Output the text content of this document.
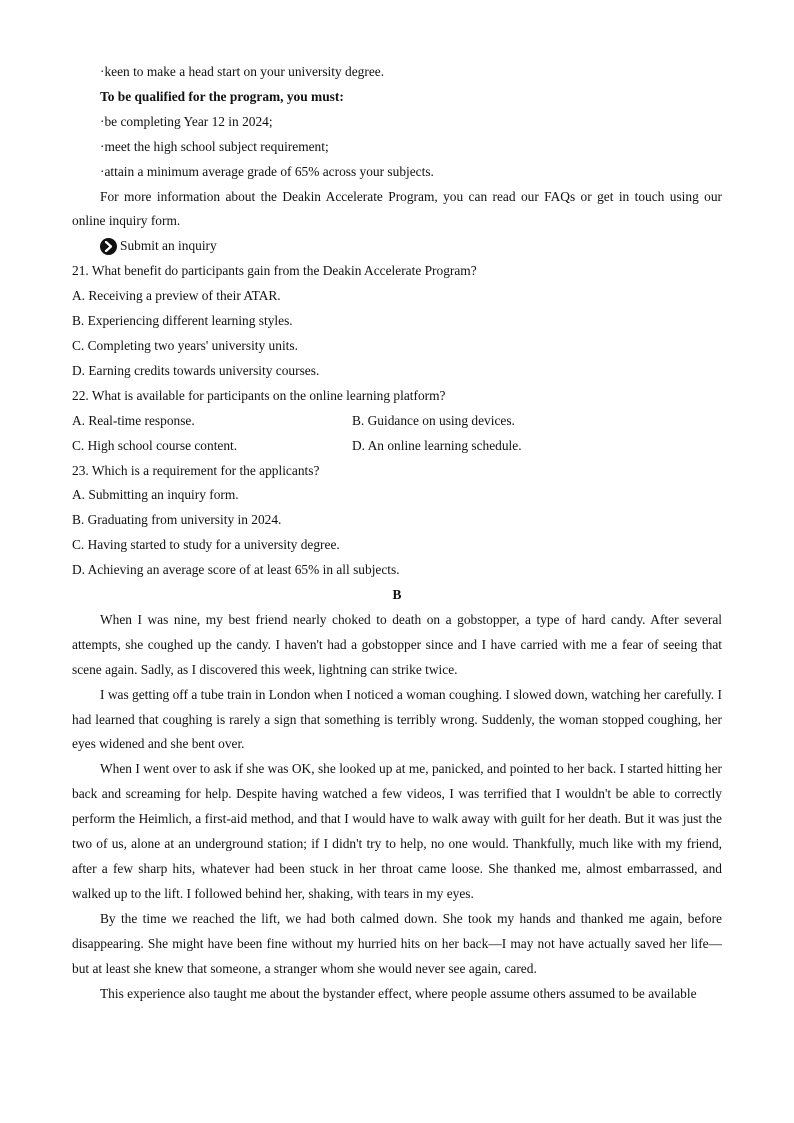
·keen to make a head start on your university degree.
To be qualified for the program, you must:
·be completing Year 12 in 2024;
·meet the high school subject requirement;
·attain a minimum average grade of 65% across your subjects.

For more information about the Deakin Accelerate Program, you can read our FAQs or get in touch using our online inquiry form.

Submit an inquiry
21. What benefit do participants gain from the Deakin Accelerate Program?
A. Receiving a preview of their ATAR.
B. Experiencing different learning styles.
C. Completing two years' university units.
D. Earning credits towards university courses.
22. What is available for participants on the online learning platform?
A. Real-time response.	B. Guidance on using devices.
C. High school course content.	D. An online learning schedule.
23. Which is a requirement for the applicants?
A. Submitting an inquiry form.
B. Graduating from university in 2024.
C. Having started to study for a university degree.
D. Achieving an average score of at least 65% in all subjects.
B

When I was nine, my best friend nearly choked to death on a gobstopper, a type of hard candy. After several attempts, she coughed up the candy. I haven't had a gobstopper since and I have carried with me a fear of seeing that scene again. Sadly, as I discovered this week, lightning can strike twice.

I was getting off a tube train in London when I noticed a woman coughing. I slowed down, watching her carefully. I had learned that coughing is rarely a sign that something is terribly wrong. Suddenly, the woman stopped coughing, her eyes widened and she bent over.

When I went over to ask if she was OK, she looked up at me, panicked, and pointed to her back. I started hitting her back and screaming for help. Despite having watched a few videos, I was terrified that I wouldn't be able to correctly perform the Heimlich, a first-aid method, and that I would have to walk away with guilt for her death. But it was just the two of us, alone at an underground station; if I didn't try to help, no one would. Thankfully, much like with my friend, after a few sharp hits, whatever had been stuck in her throat came loose. She thanked me, almost embarrassed, and walked up to the lift. I followed behind her, shaking, with tears in my eyes.

By the time we reached the lift, we had both calmed down. She took my hands and thanked me again, before disappearing. She might have been fine without my hurried hits on her back—I may not have actually saved her life—but at least she knew that someone, a stranger whom she would never see again, cared.

This experience also taught me about the bystander effect, where people assume others assumed to be available
